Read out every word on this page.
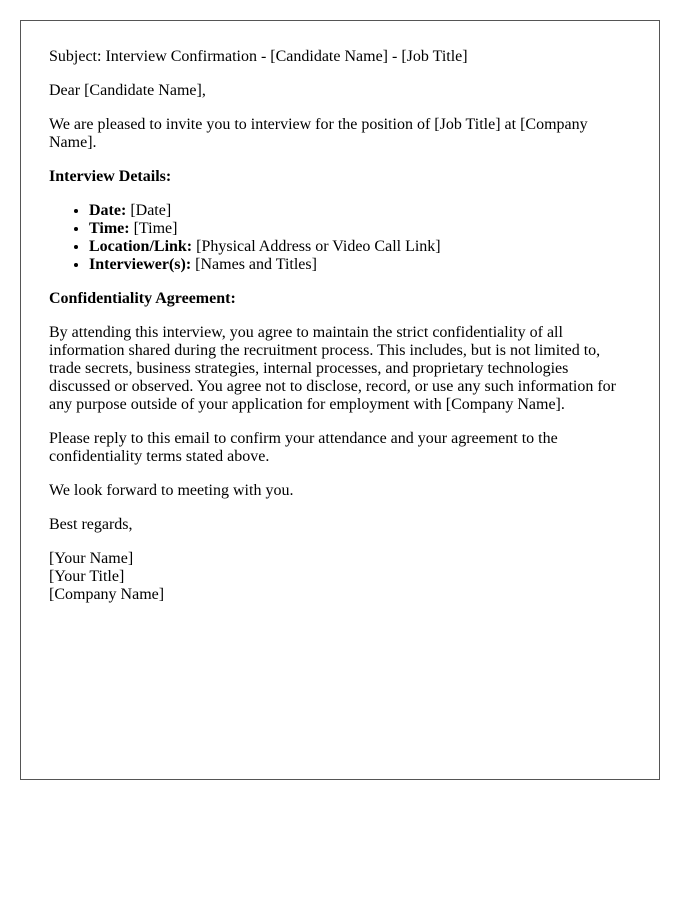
Subject: Interview Confirmation - [Candidate Name] - [Job Title]

Dear [Candidate Name],

We are pleased to invite you to interview for the position of [Job Title] at [Company Name].

Interview Details:

• Date: [Date]
• Time: [Time]
• Location/Link: [Physical Address or Video Call Link]
• Interviewer(s): [Names and Titles]

Confidentiality Agreement:

By attending this interview, you agree to maintain the strict confidentiality of all information shared during the recruitment process. This includes, but is not limited to, trade secrets, business strategies, internal processes, and proprietary technologies discussed or observed. You agree not to disclose, record, or use any such information for any purpose outside of your application for employment with [Company Name].

Please reply to this email to confirm your attendance and your agreement to the confidentiality terms stated above.

We look forward to meeting with you.

Best regards,

[Your Name]
[Your Title]
[Company Name]
